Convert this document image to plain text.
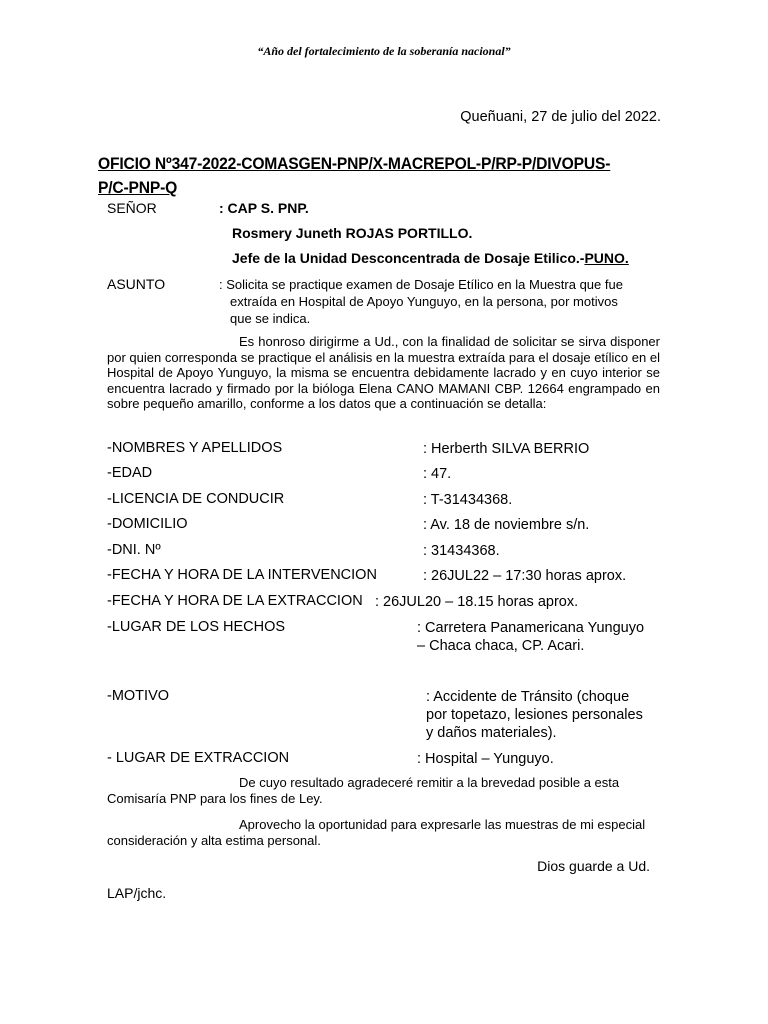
“Año del fortalecimiento de la soberanía nacional”
Queñuani, 27 de julio del 2022.
OFICIO Nº347-2022-COMASGEN-PNP/X-MACREPOL-P/RP-P/DIVOPUS-P/C-PNP-Q
SEÑOR	: CAP S. PNP.
Rosmery Juneth ROJAS PORTILLO.
Jefe de la Unidad Desconcentrada de Dosaje Etilico.-PUNO.
ASUNTO	: Solicita se practique examen de Dosaje Etílico en la Muestra que fue
extraída en Hospital de Apoyo Yunguyo, en la persona, por motivos
que se indica.
Es honroso dirigirme a Ud., con la finalidad de solicitar se sirva disponer por quien corresponda se practique el análisis en la muestra extraída para el dosaje etílico en el Hospital de Apoyo Yunguyo, la misma se encuentra debidamente lacrado y en cuyo interior se encuentra lacrado y firmado por la bióloga Elena CANO MAMANI CBP. 12664 engrampado en sobre pequeño amarillo, conforme a los datos que a continuación se detalla:
-NOMBRES Y APELLIDOS	: Herberth SILVA BERRIO
-EDAD	: 47.
-LICENCIA DE CONDUCIR	: T-31434368.
-DOMICILIO	: Av. 18 de noviembre s/n.
-DNI. Nº	: 31434368.
-FECHA Y HORA DE LA INTERVENCION	: 26JUL22 – 17:30 horas aprox.
-FECHA Y HORA DE LA EXTRACCION : 26JUL20 – 18.15 horas aprox.
-LUGAR DE LOS HECHOS	: Carretera Panamericana Yunguyo
– Chaca chaca, CP. Acari.
-MOTIVO	: Accidente de Tránsito (choque
por topetazo, lesiones personales
y daños materiales).
- LUGAR DE EXTRACCION	: Hospital – Yunguyo.
De cuyo resultado agradeceré remitir a la brevedad posible a esta Comisaría PNP para los fines de Ley.
Aprovecho la oportunidad para expresarle las muestras de mi especial consideración y alta estima personal.
Dios guarde a Ud.
LAP/jchc.
